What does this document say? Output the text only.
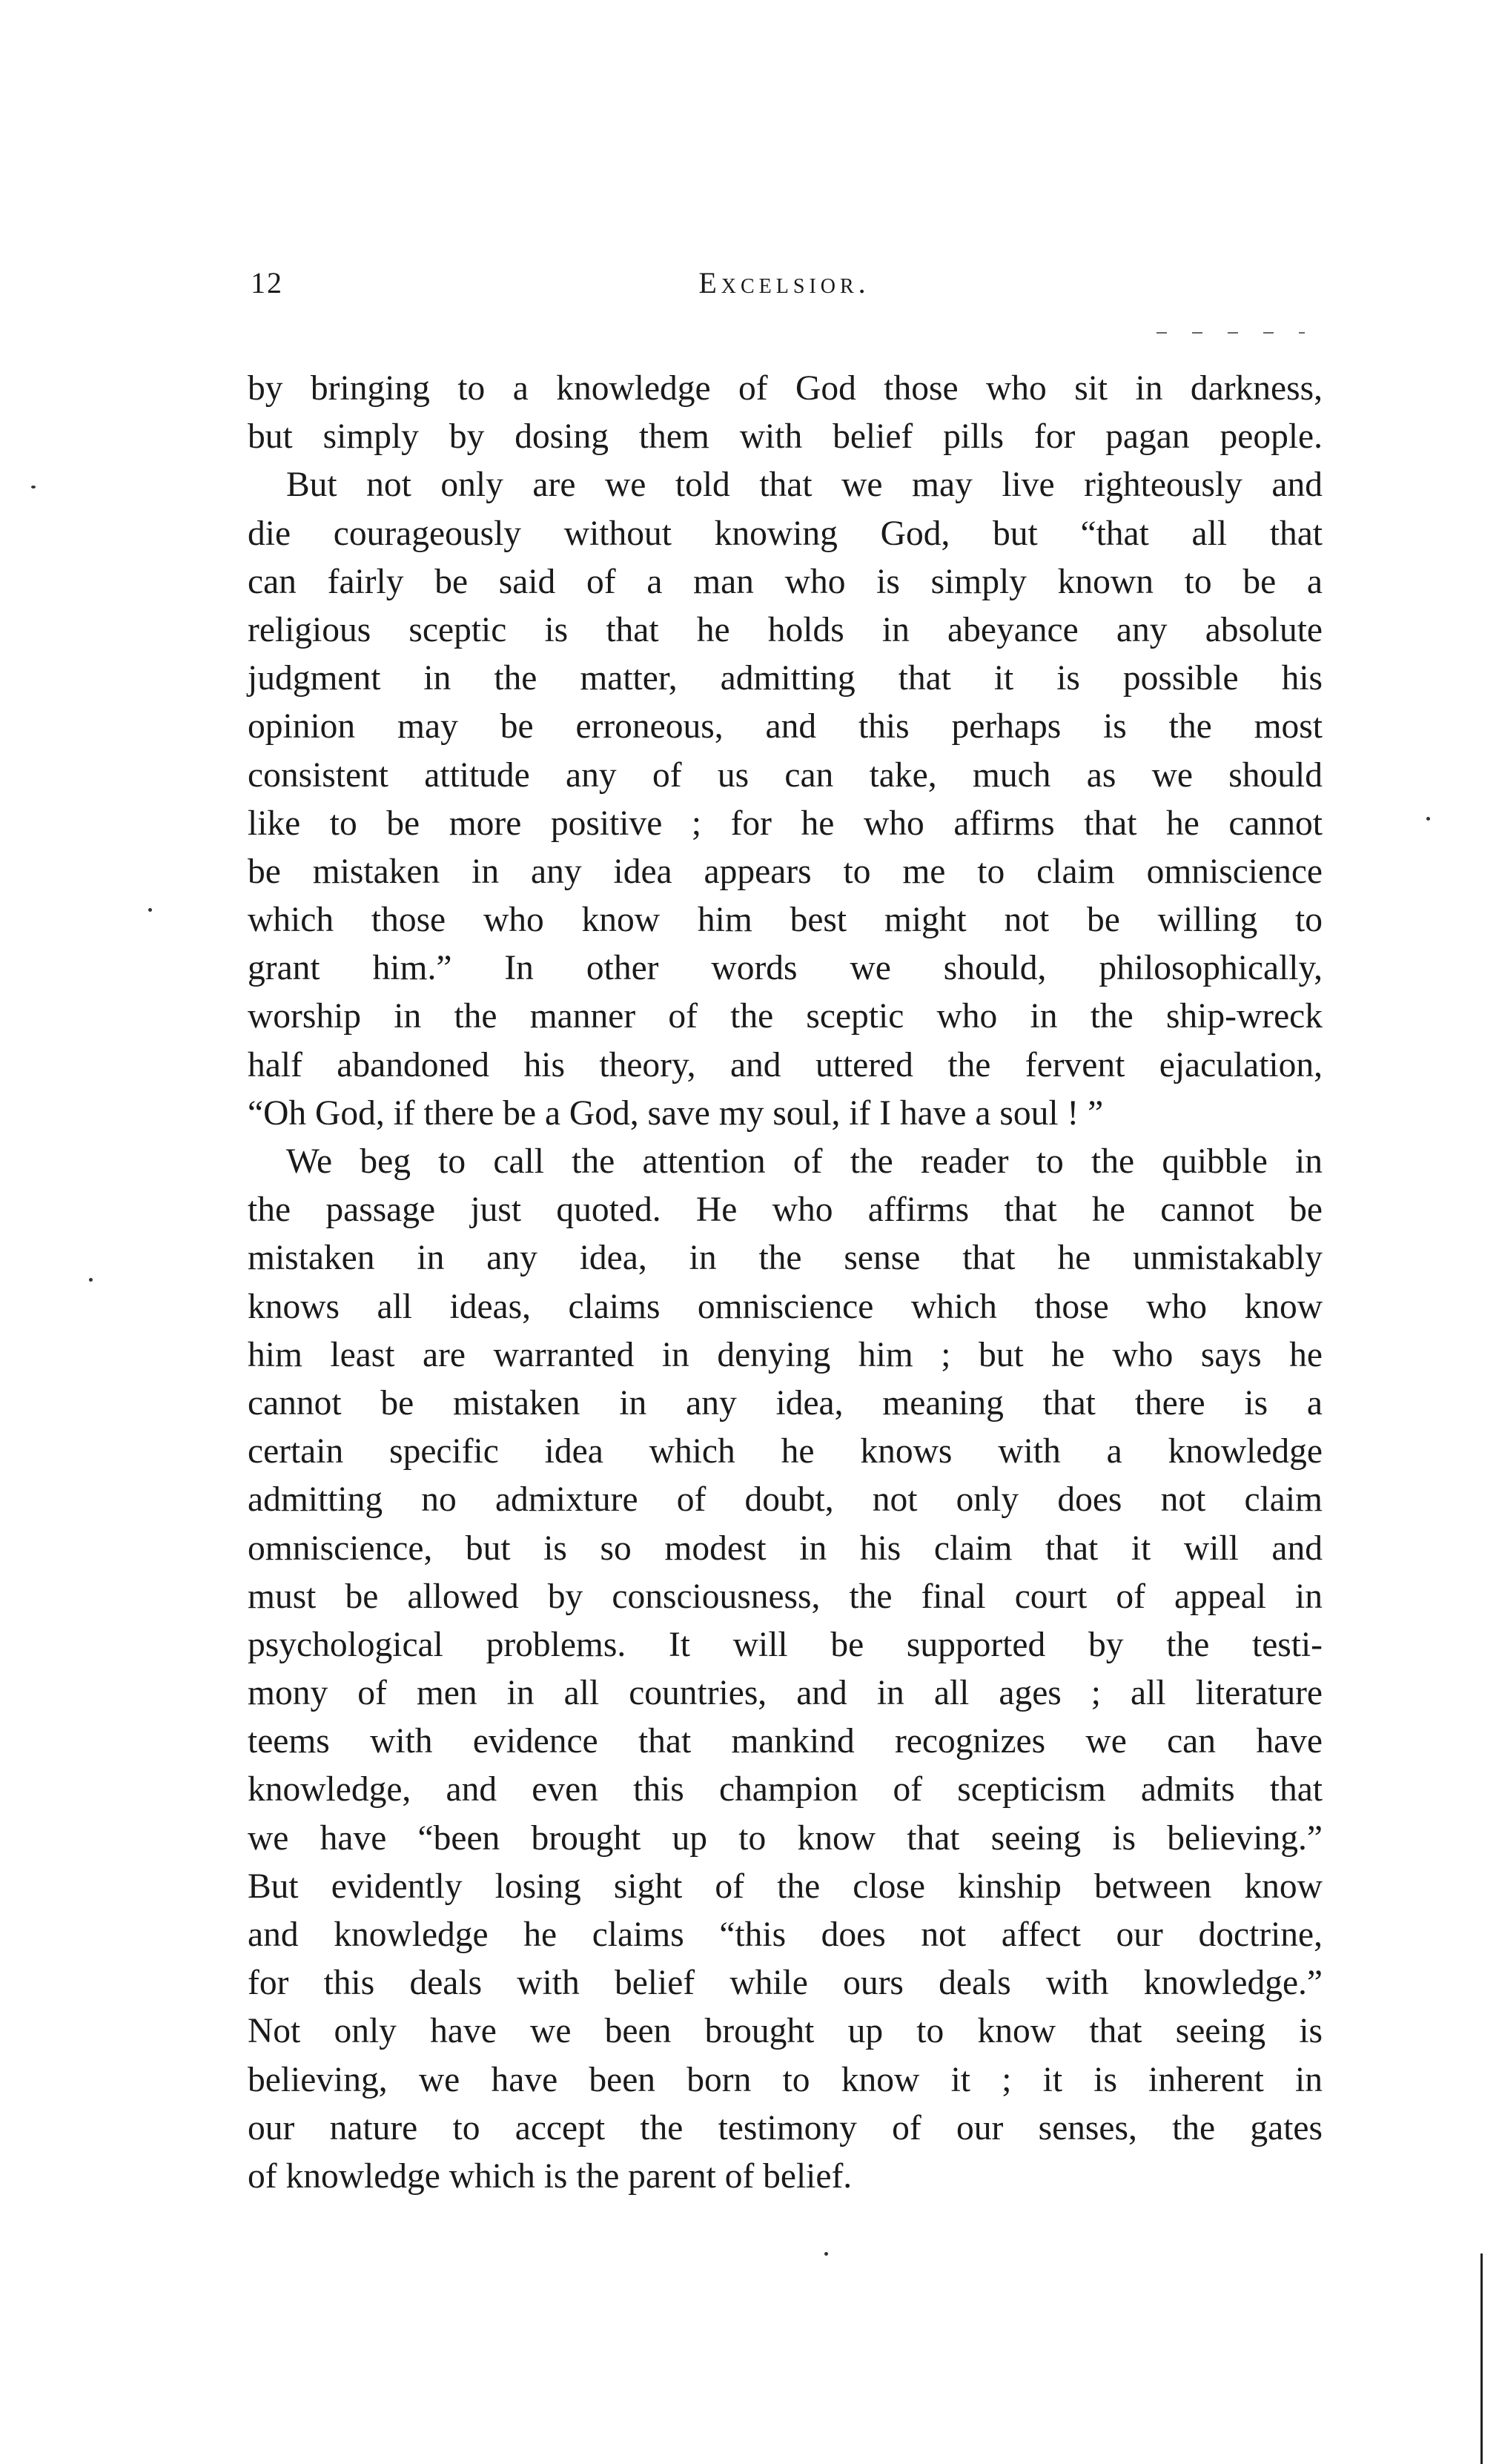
12	Excelsior.
by bringing to a knowledge of God those who sit in darkness,
but simply by dosing them with belief pills for pagan people.
But not only are we told that we may live righteously and
die courageously without knowing God, but “that all that
can fairly be said of a man who is simply known to be a
religious sceptic is that he holds in abeyance any absolute
judgment in the matter, admitting that it is possible his
opinion may be erroneous, and this perhaps is the most
consistent attitude any of us can take, much as we should
like to be more positive ; for he who affirms that he cannot
be mistaken in any idea appears to me to claim omniscience
which those who know him best might not be willing to
grant him.” In other words we should, philosophically,
worship in the manner of the sceptic who in the ship-wreck
half abandoned his theory, and uttered the fervent ejaculation,
“Oh God, if there be a God, save my soul, if I have a soul ! ”
We beg to call the attention of the reader to the quibble in
the passage just quoted. He who affirms that he cannot be
mistaken in any idea, in the sense that he unmistakably
knows all ideas, claims omniscience which those who know
him least are warranted in denying him ; but he who says he
cannot be mistaken in any idea, meaning that there is a
certain specific idea which he knows with a knowledge
admitting no admixture of doubt, not only does not claim
omniscience, but is so modest in his claim that it will and
must be allowed by consciousness, the final court of appeal in
psychological problems. It will be supported by the testi-
mony of men in all countries, and in all ages ; all literature
teems with evidence that mankind recognizes we can have
knowledge, and even this champion of scepticism admits that
we have “been brought up to know that seeing is believing.”
But evidently losing sight of the close kinship between know
and knowledge he claims “this does not affect our doctrine,
for this deals with belief while ours deals with knowledge.”
Not only have we been brought up to know that seeing is
believing, we have been born to know it ; it is inherent in
our nature to accept the testimony of our senses, the gates
of knowledge which is the parent of belief.
